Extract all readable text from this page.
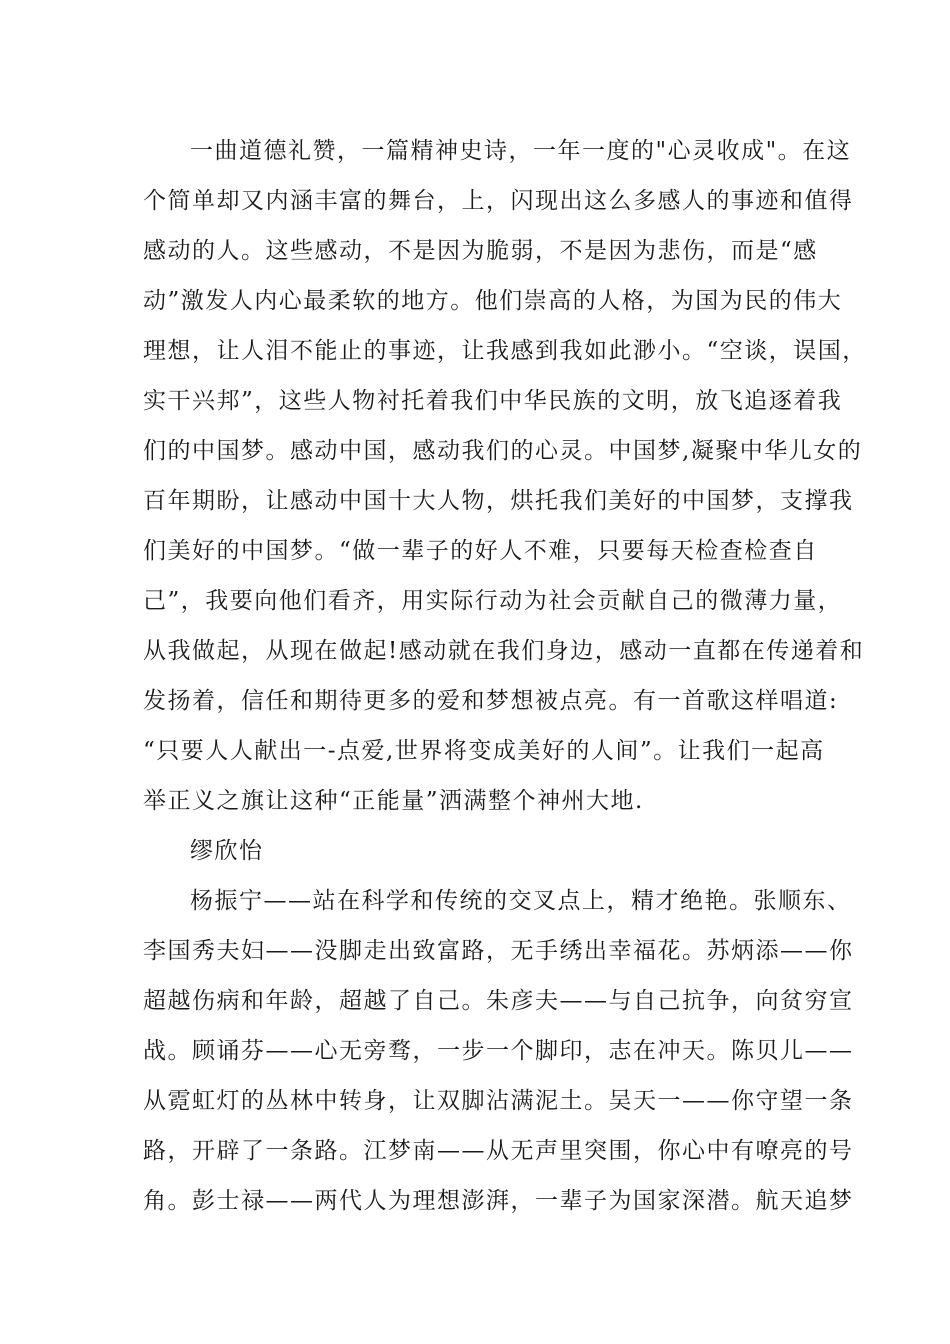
一曲道德礼赞，一篇精神史诗，一年一度的"心灵收成"。在这
个简单却又内涵丰富的舞台，上，闪现出这么多感人的事迹和值得
感动的人。这些感动，不是因为脆弱，不是因为悲伤，而是“感
动”激发人内心最柔软的地方。他们崇高的人格，为国为民的伟大
理想，让人泪不能止的事迹，让我感到我如此渺小。“空谈，误国，
实干兴邦”，这些人物衬托着我们中华民族的文明，放飞追逐着我
们的中国梦。感动中国，感动我们的心灵。中国梦,凝聚中华儿女的
百年期盼，让感动中国十大人物，烘托我们美好的中国梦，支撑我
们美好的中国梦。“做一辈子的好人不难，只要每天检查检查自
己”，我要向他们看齐，用实际行动为社会贡献自己的微薄力量，
从我做起，从现在做起!感动就在我们身边，感动一直都在传递着和
发扬着，信任和期待更多的爱和梦想被点亮。有一首歌这样唱道:
“只要人人献出一-点爱,世界将变成美好的人间”。让我们一起高
举正义之旗让这种“正能量”洒满整个神州大地.
缪欣怡
杨振宁——站在科学和传统的交叉点上，精才绝艳。张顺东、
李国秀夫妇——没脚走出致富路，无手绣出幸福花。苏炳添——你
超越伤病和年龄，超越了自己。朱彦夫——与自己抗争，向贫穷宣
战。顾诵芬——心无旁骛，一步一个脚印，志在冲天。陈贝儿——
从霓虹灯的丛林中转身，让双脚沾满泥土。吴天一——你守望一条
路，开辟了一条路。江梦南——从无声里突围，你心中有嘹亮的号
角。彭士禄——两代人为理想澎湃，一辈子为国家深潜。航天追梦
